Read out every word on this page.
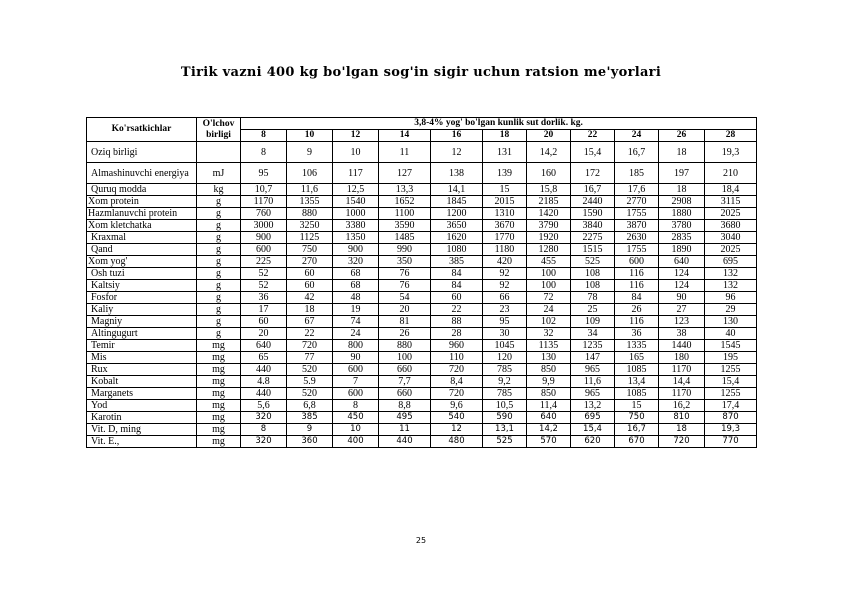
Tirik vazni 400 kg bo'lgan sog'in sigir uchun ratsion me'yorlari
Ko'rsatkichlar	O'lchov birligi	3,8-4% yog' bo'lgan kunlik sut dorlik. kg.										
		8	10	12	14	16	18	20	22	24	26	28
Oziq birligi		8	9	10	11	12	131	14,2	15,4	16,7	18	19,3
Almashinuvchi energiya	mJ	95	106	117	127	138	139	160	172	185	197	210
Quruq modda	kg	10,7	11,6	12,5	13,3	14,1	15	15,8	16,7	17,6	18	18,4
Xom protein	g	1170	1355	1540	1652	1845	2015	2185	2440	2770	2908	3115
Hazmlanuvchi protein	g	760	880	1000	1100	1200	1310	1420	1590	1755	1880	2025
Xom kletchatka	g	3000	3250	3380	3590	3650	3670	3790	3840	3870	3780	3680
Kraxmal	g	900	1125	1350	1485	1620	1770	1920	2275	2630	2835	3040
Qand	g	600	750	900	990	1080	1180	1280	1515	1755	1890	2025
Xom yog'	g	225	270	320	350	385	420	455	525	600	640	695
Osh tuzi	g	52	60	68	76	84	92	100	108	116	124	132
Kaltsiy	g	52	60	68	76	84	92	100	108	116	124	132
Fosfor	g	36	42	48	54	60	66	72	78	84	90	96
Kaliy	g	17	18	19	20	22	23	24	25	26	27	29
Magniy	g	60	67	74	81	88	95	102	109	116	123	130
Altingugurt	g	20	22	24	26	28	30	32	34	36	38	40
Temir	mg	640	720	800	880	960	1045	1135	1235	1335	1440	1545
Mis	mg	65	77	90	100	110	120	130	147	165	180	195
Rux	mg	440	520	600	660	720	785	850	965	1085	1170	1255
Kobalt	mg	4.8	5.9	7	7,7	8,4	9,2	9,9	11,6	13,4	14,4	15,4
Marganets	mg	440	520	600	660	720	785	850	965	1085	1170	1255
Yod	mg	5,6	6,8	8	8,8	9,6	10,5	11,4	13,2	15	16,2	17,4
Karotin	mg	320	385	450	495	540	590	640	695	750	810	870
Vit. D, ming	mg	8	9	10	11	12	13,1	14,2	15,4	16,7	18	19,3
Vit. E.,	mg	320	360	400	440	480	525	570	620	670	720	770
25
